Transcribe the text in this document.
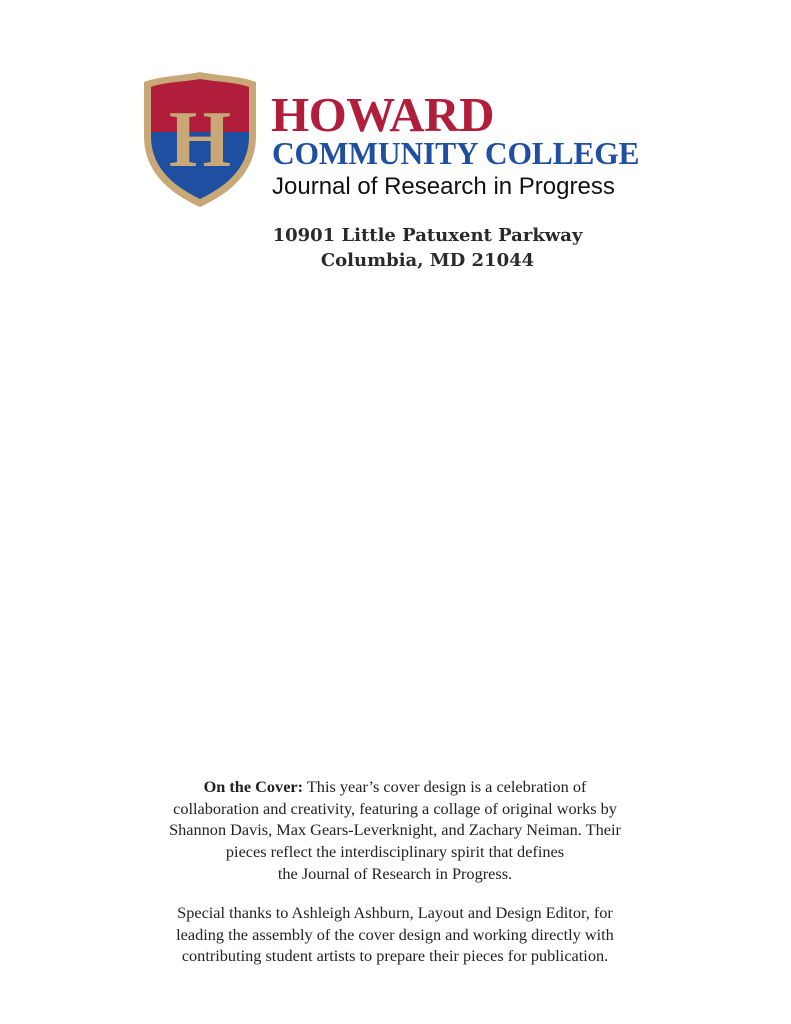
H HOWARD
COMMUNITY COLLEGE
Journal of Research in Progress
10901 Little Patuxent Parkway
Columbia, MD 21044
On the Cover: This year’s cover design is a celebration of
collaboration and creativity, featuring a collage of original works by
Shannon Davis, Max Gears-Leverknight, and Zachary Neiman. Their
pieces reflect the interdisciplinary spirit that defines
the Journal of Research in Progress.
Special thanks to Ashleigh Ashburn, Layout and Design Editor, for
leading the assembly of the cover design and working directly with
contributing student artists to prepare their pieces for publication.
